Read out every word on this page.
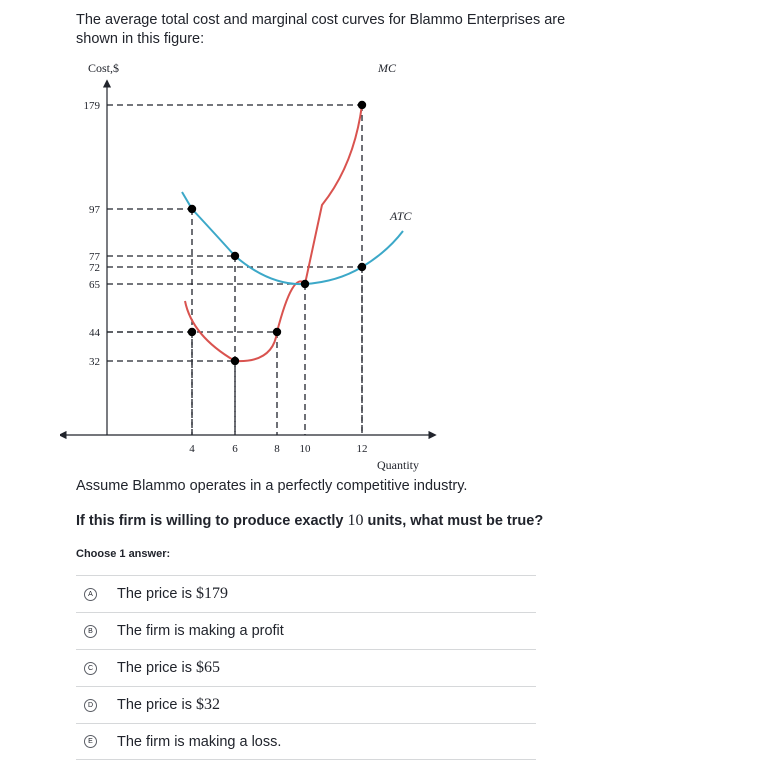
The average total cost and marginal cost curves for Blammo Enterprises are shown in this figure:
Cost,$
Quantity
MC
ATC
179
97
77
72
65
44
32
4	6	8 10	12
Assume Blammo operates in a perfectly competitive industry.
If this firm is willing to produce exactly 10 units, what must be true?
Choose 1 answer:
A The price is $179
B The firm is making a profit
C The price is $65
D The price is $32
E The firm is making a loss.
